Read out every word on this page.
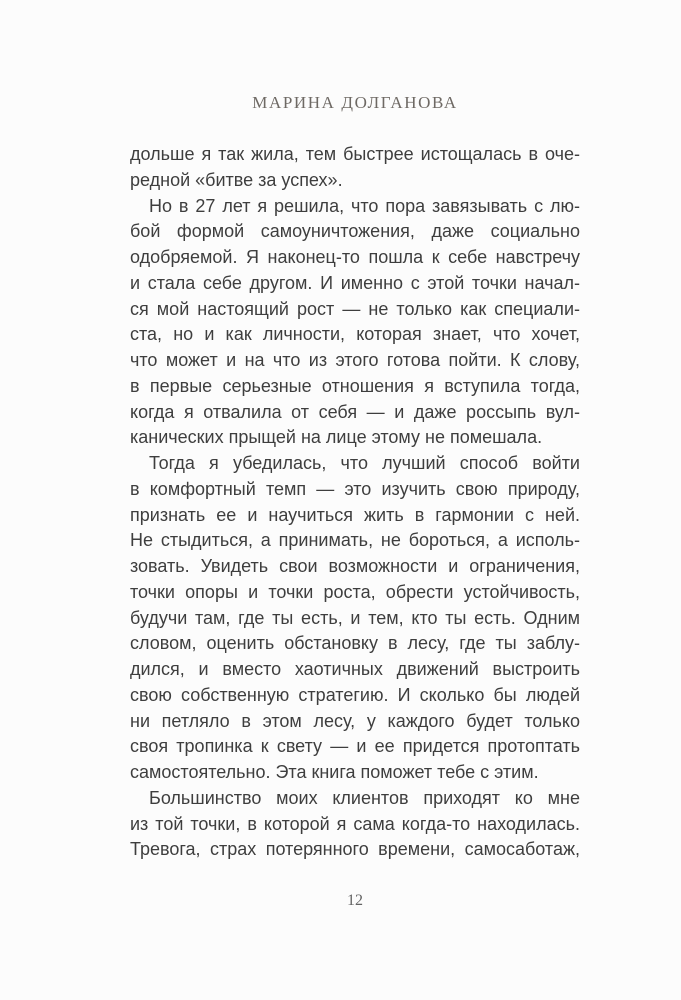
МАРИНА ДОЛГАНОВА

дольше я так жила, тем быстрее истощалась в оче-

редной «битве за успех».

Но в 27 лет я решила, что пора завязывать с лю-

бой формой самоуничтожения, даже социально

одобряемой. Я наконец-то пошла к себе навстречу

и стала себе другом. И именно с этой точки начал-

ся мой настоящий рост — не только как специали-

ста, но и как личности, которая знает, что хочет,

что может и на что из этого готова пойти. К слову,

в первые серьезные отношения я вступила тогда,

когда я отвалила от себя — и даже россыпь вул-

канических прыщей на лице этому не помешала.

Тогда я убедилась, что лучший способ войти

в комфортный темп — это изучить свою природу,

признать ее и научиться жить в гармонии с ней.

Не стыдиться, а принимать, не бороться, а исполь-

зовать. Увидеть свои возможности и ограничения,

точки опоры и точки роста, обрести устойчивость,

будучи там, где ты есть, и тем, кто ты есть. Одним

словом, оценить обстановку в лесу, где ты заблу-

дился, и вместо хаотичных движений выстроить

свою собственную стратегию. И сколько бы людей

ни петляло в этом лесу, у каждого будет только

своя тропинка к свету — и ее придется протоптать

самостоятельно. Эта книга поможет тебе с этим.

Большинство моих клиентов приходят ко мне

из той точки, в которой я сама когда-то находилась.

Тревога, страх потерянного времени, самосаботаж,

12
